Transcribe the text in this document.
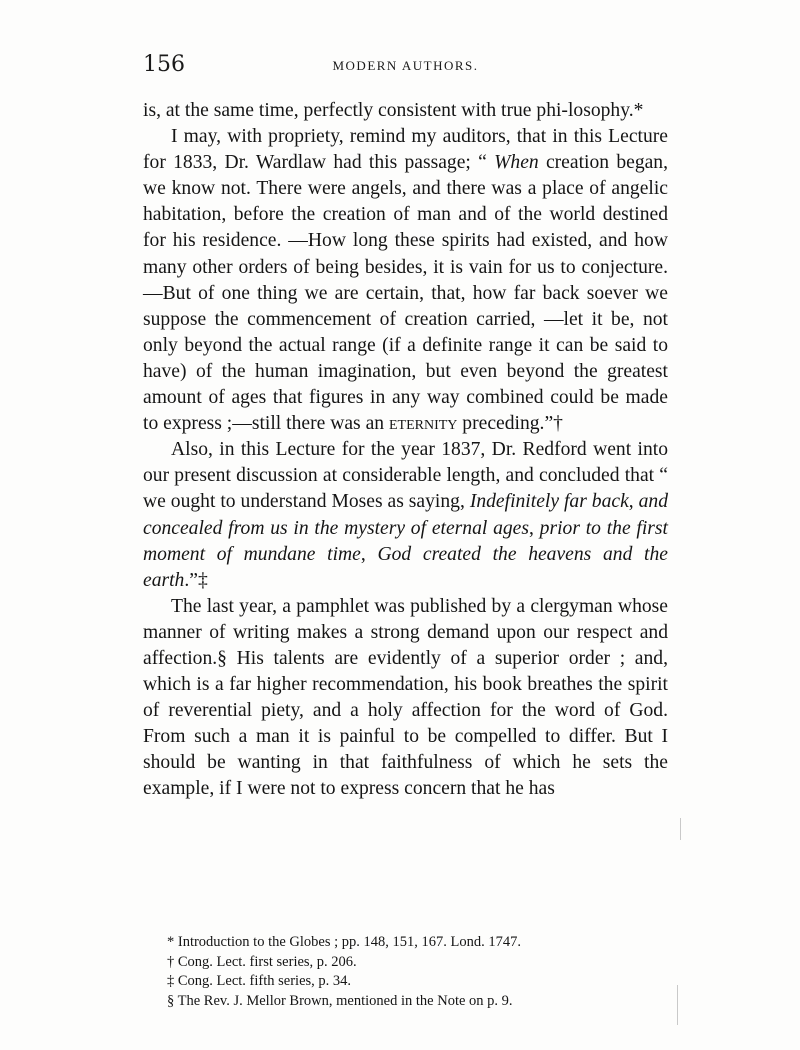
156	MODERN AUTHORS.

is, at the same time, perfectly consistent with true phi-losophy.*

I may, with propriety, remind my auditors, that in this Lecture for 1833, Dr. Wardlaw had this passage; “ When creation began, we know not. There were angels, and there was a place of angelic habitation, before the creation of man and of the world destined for his residence. —How long these spirits had existed, and how many other orders of being besides, it is vain for us to conjecture.—But of one thing we are certain, that, how far back soever we suppose the commencement of creation carried, —let it be, not only beyond the actual range (if a definite range it can be said to have) of the human imagination, but even beyond the greatest amount of ages that figures in any way combined could be made to express ;—still there was an eternity preceding.”†

Also, in this Lecture for the year 1837, Dr. Redford went into our present discussion at considerable length, and concluded that “ we ought to understand Moses as saying, Indefinitely far back, and concealed from us in the mystery of eternal ages, prior to the first moment of mundane time, God created the heavens and the earth.”‡

The last year, a pamphlet was published by a clergyman whose manner of writing makes a strong demand upon our respect and affection.§ His talents are evidently of a superior order ; and, which is a far higher recommendation, his book breathes the spirit of reverential piety, and a holy affection for the word of God. From such a man it is painful to be compelled to differ. But I should be wanting in that faithfulness of which he sets the example, if I were not to express concern that he has

* Introduction to the Globes ; pp. 148, 151, 167. Lond. 1747.
† Cong. Lect. first series, p. 206.
‡ Cong. Lect. fifth series, p. 34.
§ The Rev. J. Mellor Brown, mentioned in the Note on p. 9.
